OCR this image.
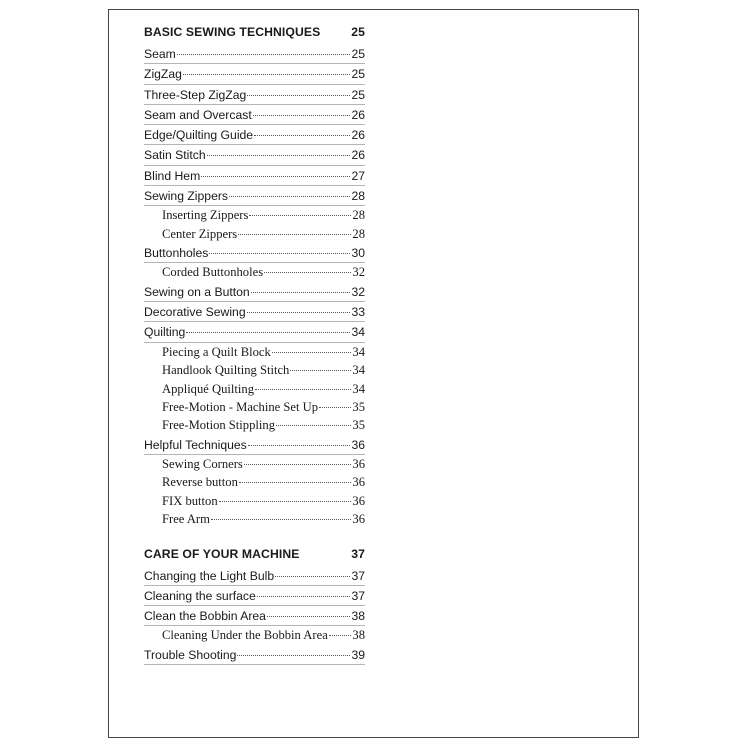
BASIC SEWING TECHNIQUES	25
Seam	25
ZigZag	25
Three-Step ZigZag	25
Seam and Overcast	26
Edge/Quilting Guide	26
Satin Stitch	26
Blind Hem	27
Sewing Zippers	28
Inserting Zippers	28
Center Zippers	28
Buttonholes	30
Corded Buttonholes	32
Sewing on a Button	32
Decorative Sewing	33
Quilting	34
Piecing a Quilt Block	34
Handlook Quilting Stitch	34
Appliqué Quilting	34
Free-Motion - Machine Set Up	35
Free-Motion Stippling	35
Helpful Techniques	36
Sewing Corners	36
Reverse button	36
FIX button	36
Free Arm	36
CARE OF YOUR MACHINE	37
Changing the Light Bulb	37
Cleaning the surface	37
Clean the Bobbin Area	38
Cleaning Under the Bobbin Area 38
Trouble Shooting	39
